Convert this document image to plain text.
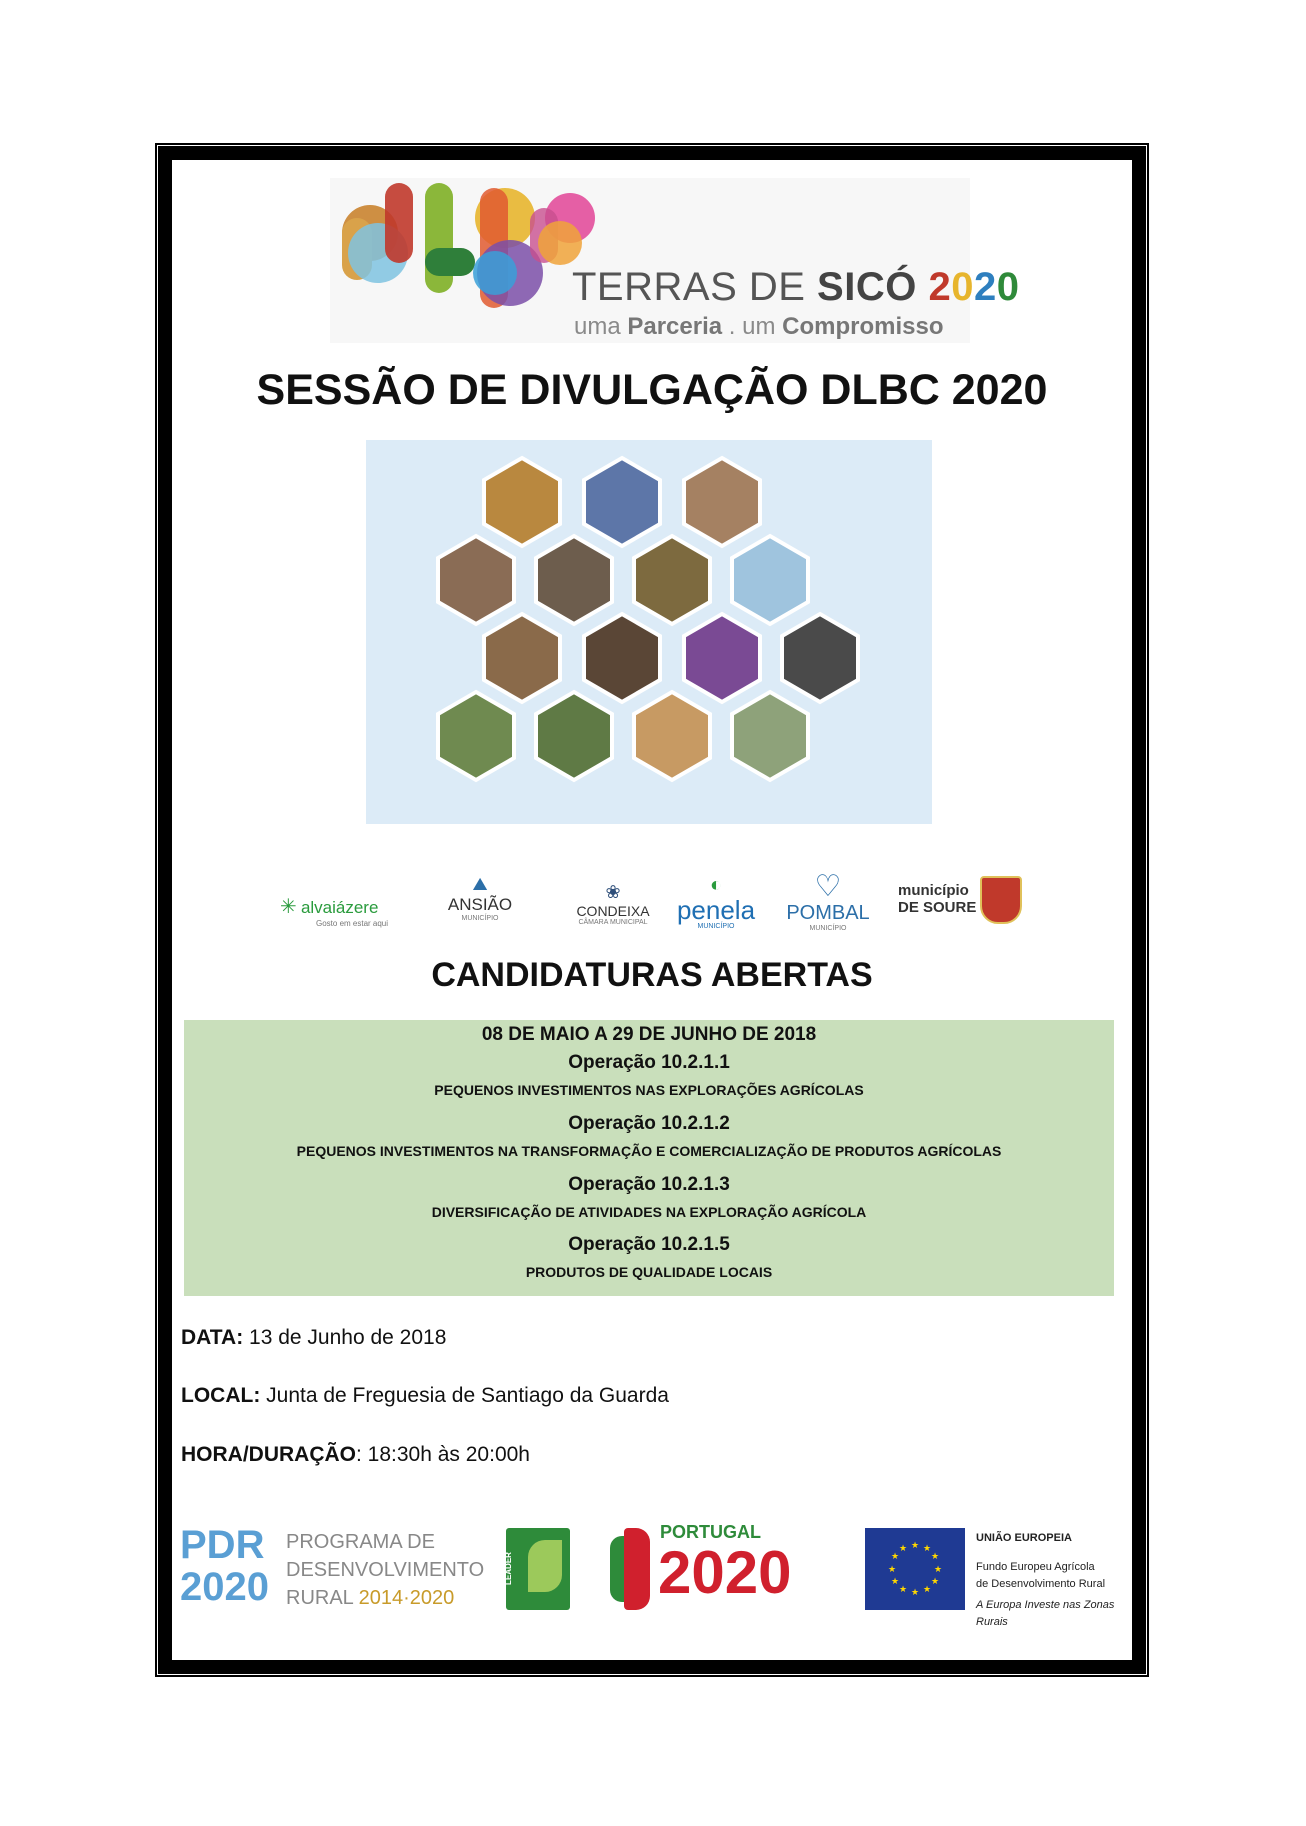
TERRAS DE SICÓ 2020
uma Parceria . um Compromisso
SESSÃO DE DIVULGAÇÃO DLBC 2020
✳ alvaiázere
Gosto em estar aqui
⛰
ANSIÃO
MUNICÍPIO
❀
CONDEIXA
CÂMARA MUNICIPAL
◐
penela
MUNICÍPIO
♡
POMBAL
MUNICÍPIO
município
DE SOURE
CANDIDATURAS ABERTAS
08 DE MAIO A 29 DE JUNHO DE 2018
Operação 10.2.1.1
PEQUENOS INVESTIMENTOS NAS EXPLORAÇÕES AGRÍCOLAS
Operação 10.2.1.2
PEQUENOS INVESTIMENTOS NA TRANSFORMAÇÃO E COMERCIALIZAÇÃO DE PRODUTOS AGRÍCOLAS
Operação 10.2.1.3
DIVERSIFICAÇÃO DE ATIVIDADES NA EXPLORAÇÃO AGRÍCOLA
Operação 10.2.1.5
PRODUTOS DE QUALIDADE LOCAIS
DATA: 13 de Junho de 2018
LOCAL: Junta de Freguesia de Santiago da Guarda
HORA/DURAÇÃO: 18:30h às 20:00h
PDR 2020
PROGRAMA DE
DESENVOLVIMENTO
RURAL 2014·2020
LEADER
PORTUGAL
2020	★ ★
★
★
★
★
★
★
★
★
★
★
UNIÃO EUROPEIA
Fundo Europeu Agrícola
de Desenvolvimento Rural
A Europa Investe nas Zonas Rurais
